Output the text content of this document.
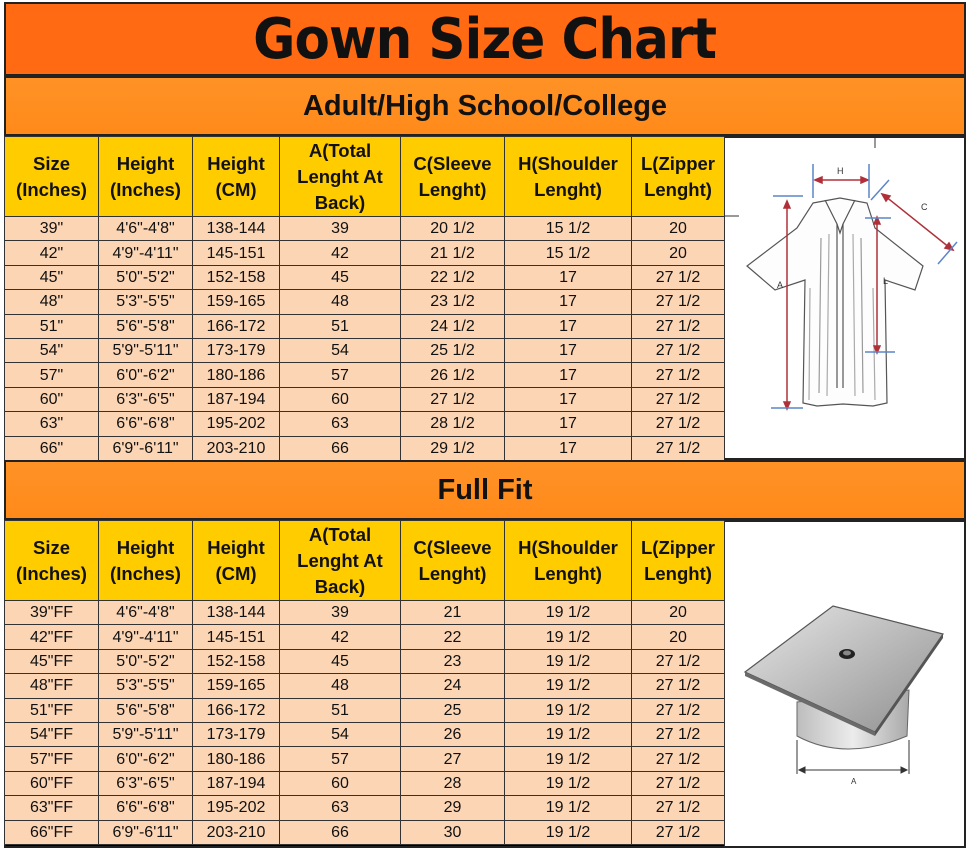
Gown Size Chart
Adult/High School/College
Size (Inches)	Height (Inches)	Height (CM)	A(Total Lenght At Back)	C(Sleeve Lenght)	H(Shoulder Lenght)	L(Zipper Lenght)
39"	4'6"-4'8"	138-144	39	20 1/2	15 1/2	20
42"	4'9"-4'11"	145-151	42	21 1/2	15 1/2	20
45"	5'0"-5'2"	152-158	45	22 1/2	17	27 1/2
48"	5'3"-5'5"	159-165	48	23 1/2	17	27 1/2
51"	5'6"-5'8"	166-172	51	24 1/2	17	27 1/2
54"	5'9"-5'11"	173-179	54	25 1/2	17	27 1/2
57"	6'0"-6'2"	180-186	57	26 1/2	17	27 1/2
60"	6'3"-6'5"	187-194	60	27 1/2	17	27 1/2
63"	6'6"-6'8"	195-202	63	28 1/2	17	27 1/2
66"	6'9"-6'11"	203-210	66	29 1/2	17	27 1/2
H
C
A	L
Full Fit
Size (Inches)	Height (Inches)	Height (CM)	A(Total Lenght At Back)	C(Sleeve Lenght)	H(Shoulder Lenght)	L(Zipper Lenght)
39"FF	4'6"-4'8"	138-144	39	21	19 1/2	20
42"FF	4'9"-4'11"	145-151	42	22	19 1/2	20
45"FF	5'0"-5'2"	152-158	45	23	19 1/2	27 1/2
48"FF	5'3"-5'5"	159-165	48	24	19 1/2	27 1/2
51"FF	5'6"-5'8"	166-172	51	25	19 1/2	27 1/2
54"FF	5'9"-5'11"	173-179	54	26	19 1/2	27 1/2
57"FF	6'0"-6'2"	180-186	57	27	19 1/2	27 1/2
60"FF	6'3"-6'5"	187-194	60	28	19 1/2	27 1/2
63"FF	6'6"-6'8"	195-202	63	29	19 1/2	27 1/2
66"FF	6'9"-6'11"	203-210	66	30	19 1/2	27 1/2
A
